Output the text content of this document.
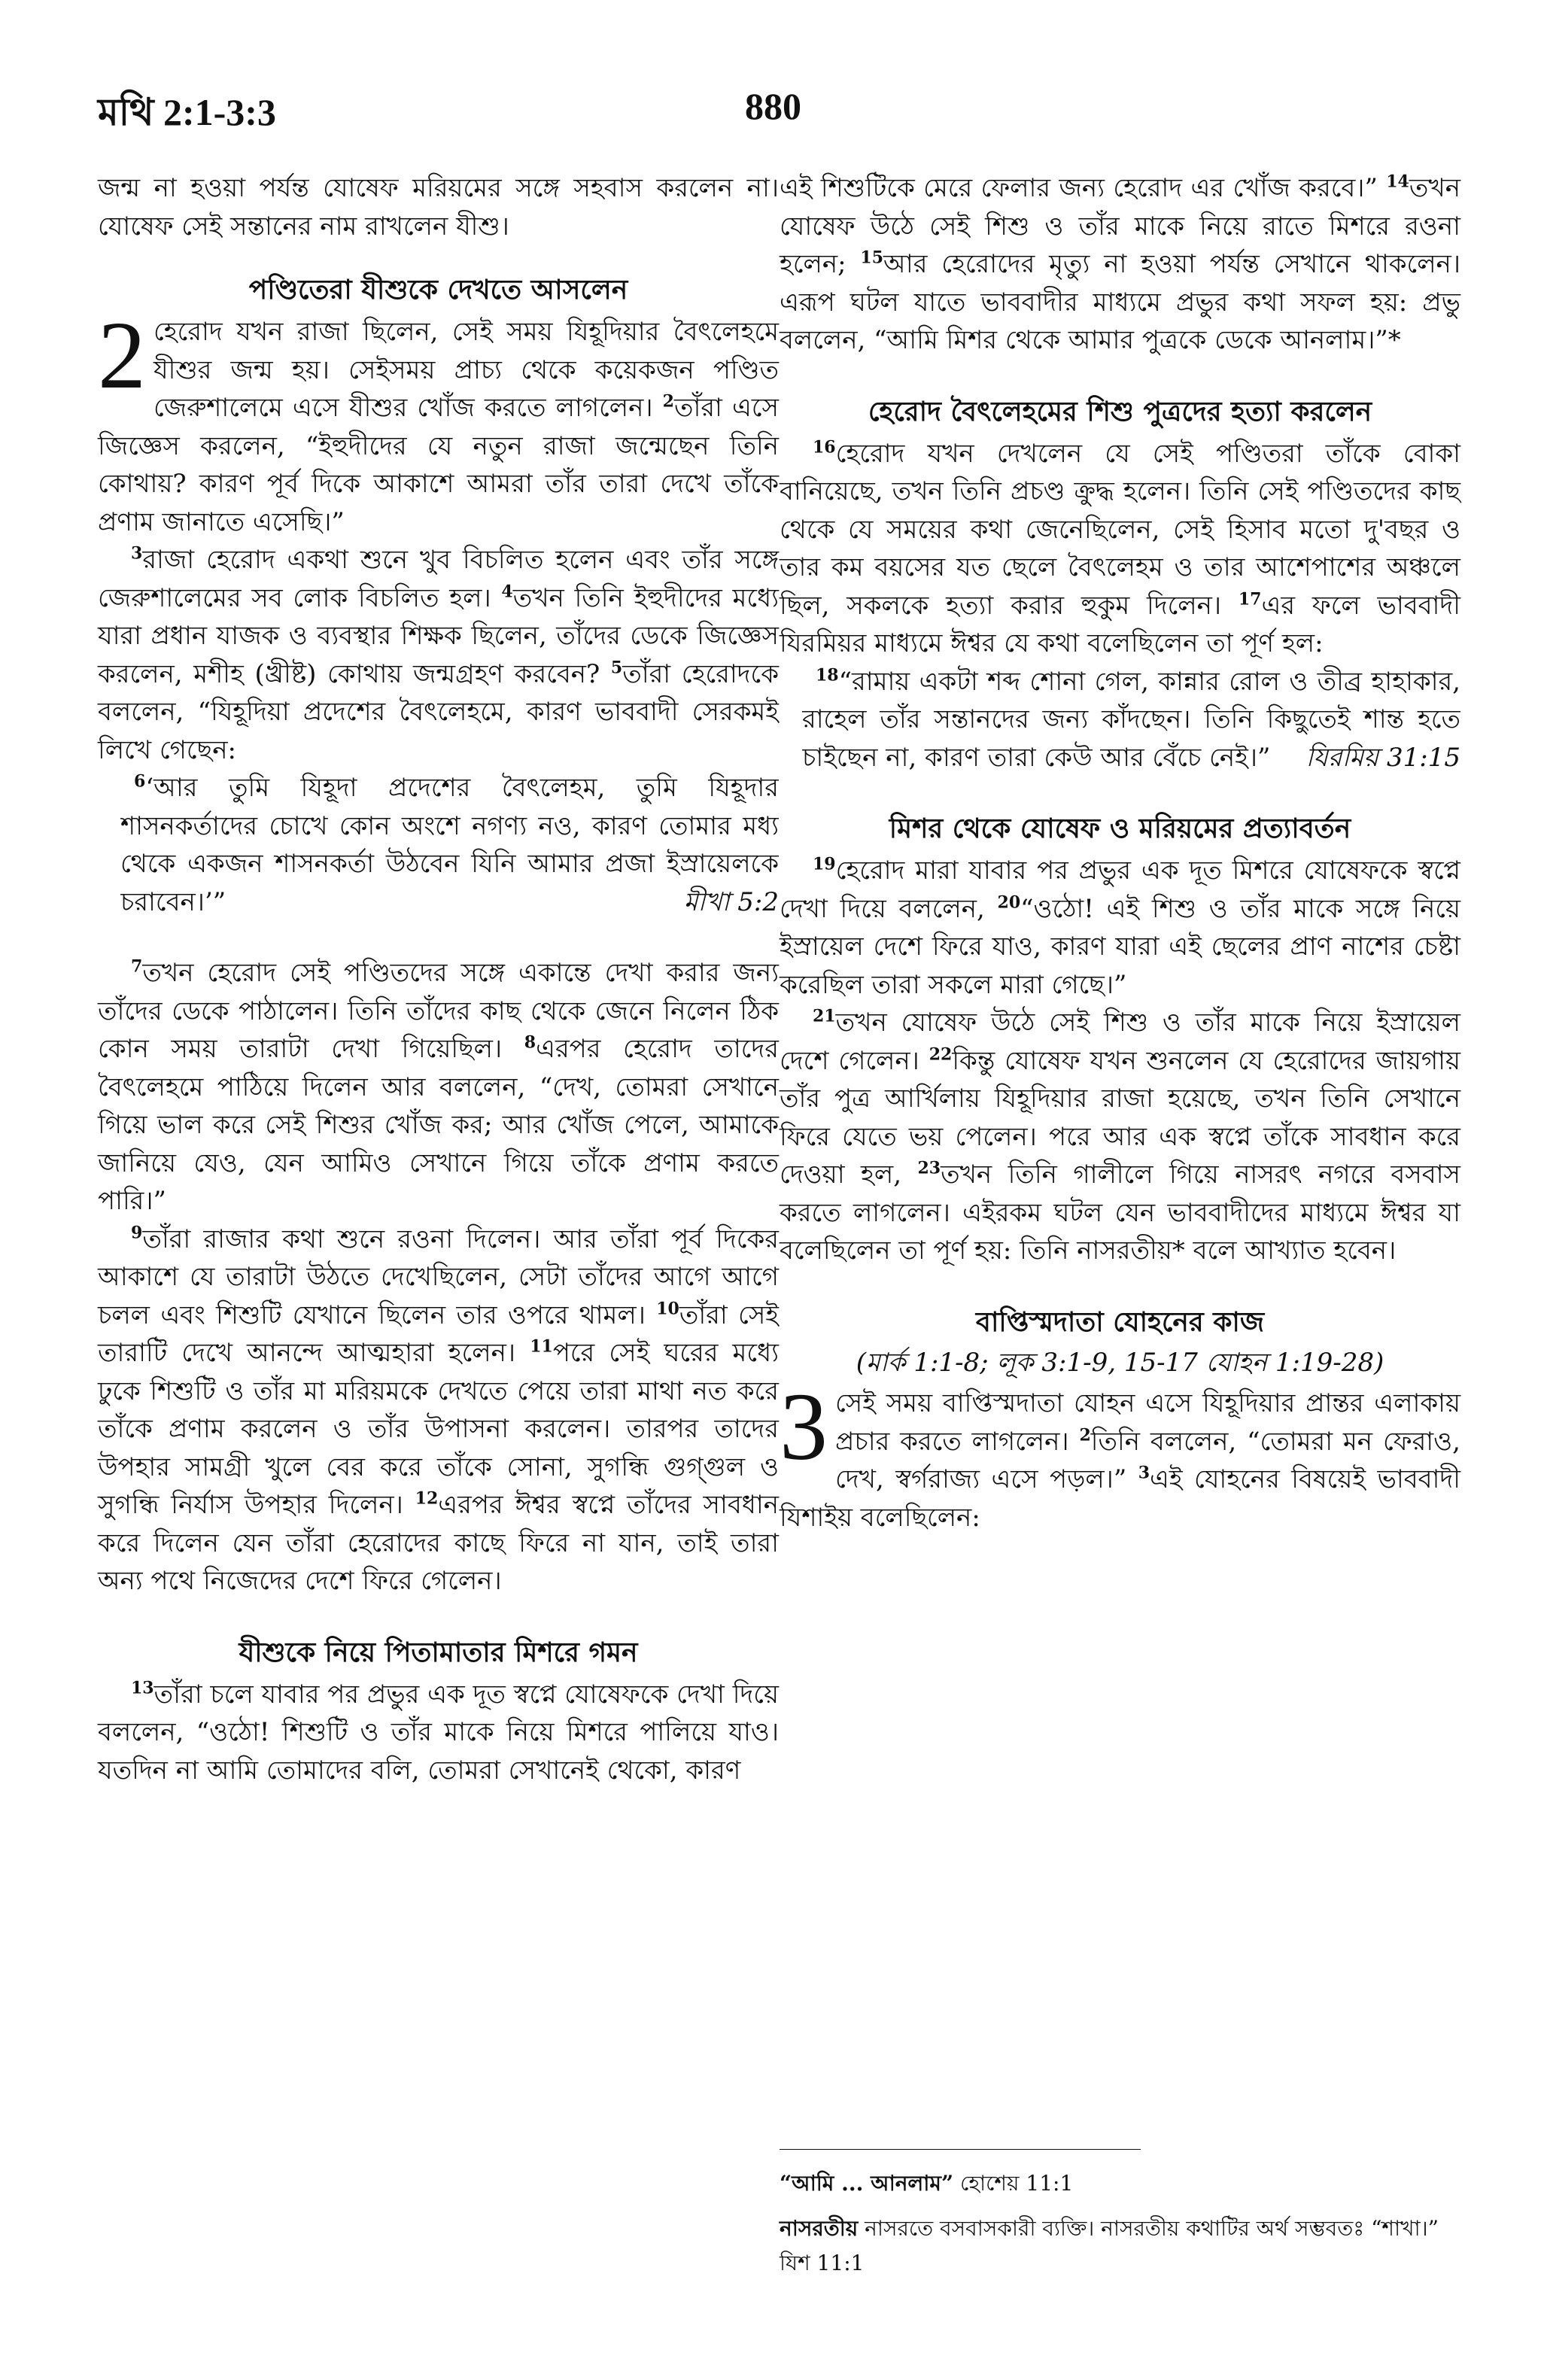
মথি 2:1-3:3	880

জন্ম না হওয়া পর্যন্ত যোষেফ মরিয়মের সঙ্গে সহবাস করলেন না। যোষেফ সেই সন্তানের নাম রাখলেন যীশু।

পণ্ডিতেরা যীশুকে দেখতে আসলেন

2 হেরোদ যখন রাজা ছিলেন, সেই সময় যিহূদিয়ার বৈৎলেহমে যীশুর জন্ম হয়। সেইসময় প্রাচ্য থেকে কয়েকজন পণ্ডিত জেরুশালেমে এসে যীশুর খোঁজ করতে লাগলেন। $^2$তাঁরা এসে জিজ্ঞেস করলেন, “ইহুদীদের যে নতুন রাজা জন্মেছেন তিনি কোথায়? কারণ পূর্ব দিকে আকাশে আমরা তাঁর তারা দেখে তাঁকে প্রণাম জানাতে এসেছি।”

$^3$রাজা হেরোদ একথা শুনে খুব বিচলিত হলেন এবং তাঁর সঙ্গে জেরুশালেমের সব লোক বিচলিত হল। $^4$তখন তিনি ইহুদীদের মধ্যে যারা প্রধান যাজক ও ব্যবস্থার শিক্ষক ছিলেন, তাঁদের ডেকে জিজ্ঞেস করলেন, মশীহ (খ্রীষ্ট) কোথায় জন্মগ্রহণ করবেন? $^5$তাঁরা হেরোদকে বললেন, “যিহূদিয়া প্রদেশের বৈৎলেহমে, কারণ ভাববাদী সেরকমই লিখে গেছেন:

$^6$‘আর তুমি যিহূদা প্রদেশের বৈৎলেহম, তুমি যিহূদার শাসনকর্তাদের চোখে কোন অংশে নগণ্য নও, কারণ তোমার মধ্য থেকে একজন শাসনকর্তা উঠবেন যিনি আমার প্রজা ইস্রায়েলকে চরাবেন।’”	মীখা 5:2

$^7$তখন হেরোদ সেই পণ্ডিতদের সঙ্গে একান্তে দেখা করার জন্য তাঁদের ডেকে পাঠালেন। তিনি তাঁদের কাছ থেকে জেনে নিলেন ঠিক কোন সময় তারাটা দেখা গিয়েছিল। $^8$এরপর হেরোদ তাদের বৈৎলেহমে পাঠিয়ে দিলেন আর বললেন, “দেখ, তোমরা সেখানে গিয়ে ভাল করে সেই শিশুর খোঁজ কর; আর খোঁজ পেলে, আমাকে জানিয়ে যেও, যেন আমিও সেখানে গিয়ে তাঁকে প্রণাম করতে পারি।”

$^9$তাঁরা রাজার কথা শুনে রওনা দিলেন। আর তাঁরা পূর্ব দিকের আকাশে যে তারাটা উঠতে দেখেছিলেন, সেটা তাঁদের আগে আগে চলল এবং শিশুটি যেখানে ছিলেন তার ওপরে থামল। $^{10}$তাঁরা সেই তারাটি দেখে আনন্দে আত্মহারা হলেন। $^{11}$পরে সেই ঘরের মধ্যে ঢুকে শিশুটি ও তাঁর মা মরিয়মকে দেখতে পেয়ে তারা মাথা নত করে তাঁকে প্রণাম করলেন ও তাঁর উপাসনা করলেন। তারপর তাদের উপহার সামগ্রী খুলে বের করে তাঁকে সোনা, সুগন্ধি গুগ্‌গুল ও সুগন্ধি নির্যাস উপহার দিলেন। $^{12}$এরপর ঈশ্বর স্বপ্নে তাঁদের সাবধান করে দিলেন যেন তাঁরা হেরোদের কাছে ফিরে না যান, তাই তারা অন্য পথে নিজেদের দেশে ফিরে গেলেন।

যীশুকে নিয়ে পিতামাতার মিশরে গমন

$^{13}$তাঁরা চলে যাবার পর প্রভুর এক দূত স্বপ্নে যোষেফকে দেখা দিয়ে বললেন, “ওঠো! শিশুটি ও তাঁর মাকে নিয়ে মিশরে পালিয়ে যাও। যতদিন না আমি তোমাদের বলি, তোমরা সেখানেই থেকো, কারণ

এই শিশুটিকে মেরে ফেলার জন্য হেরোদ এর খোঁজ করবে।” $^{14}$তখন যোষেফ উঠে সেই শিশু ও তাঁর মাকে নিয়ে রাতে মিশরে রওনা হলেন; $^{15}$আর হেরোদের মৃত্যু না হওয়া পর্যন্ত সেখানে থাকলেন। এরূপ ঘটল যাতে ভাববাদীর মাধ্যমে প্রভুর কথা সফল হয়: প্রভু বললেন, “আমি মিশর থেকে আমার পুত্রকে ডেকে আনলাম।”*

হেরোদ বৈৎলেহমের শিশু পুত্রদের হত্যা করলেন

$^{16}$হেরোদ যখন দেখলেন যে সেই পণ্ডিতরা তাঁকে বোকা বানিয়েছে, তখন তিনি প্রচণ্ড ক্রুদ্ধ হলেন। তিনি সেই পণ্ডিতদের কাছ থেকে যে সময়ের কথা জেনেছিলেন, সেই হিসাব মতো দু'বছর ও তার কম বয়সের যত ছেলে বৈৎলেহম ও তার আশেপাশের অঞ্চলে ছিল, সকলকে হত্যা করার হুকুম দিলেন। $^{17}$এর ফলে ভাববাদী যিরমিয়র মাধ্যমে ঈশ্বর যে কথা বলেছিলেন তা পূর্ণ হল:

$^{18}$“রামায় একটা শব্দ শোনা গেল, কান্নার রোল ও তীব্র হাহাকার, রাহেল তাঁর সন্তানদের জন্য কাঁদছেন। তিনি কিছুতেই শান্ত হতে চাইছেন না, কারণ তারা কেউ আর বেঁচে নেই।”	যিরমিয় 31:15

মিশর থেকে যোষেফ ও মরিয়মের প্রত্যাবর্তন

$^{19}$হেরোদ মারা যাবার পর প্রভুর এক দূত মিশরে যোষেফকে স্বপ্নে দেখা দিয়ে বললেন, $^{20}$“ওঠো! এই শিশু ও তাঁর মাকে সঙ্গে নিয়ে ইস্রায়েল দেশে ফিরে যাও, কারণ যারা এই ছেলের প্রাণ নাশের চেষ্টা করেছিল তারা সকলে মারা গেছে।”

$^{21}$তখন যোষেফ উঠে সেই শিশু ও তাঁর মাকে নিয়ে ইস্রায়েল দেশে গেলেন। $^{22}$কিন্তু যোষেফ যখন শুনলেন যে হেরোদের জায়গায় তাঁর পুত্র আর্খিলায় যিহূদিয়ার রাজা হয়েছে, তখন তিনি সেখানে ফিরে যেতে ভয় পেলেন। পরে আর এক স্বপ্নে তাঁকে সাবধান করে দেওয়া হল, $^{23}$তখন তিনি গালীলে গিয়ে নাসরৎ নগরে বসবাস করতে লাগলেন। এইরকম ঘটল যেন ভাববাদীদের মাধ্যমে ঈশ্বর যা বলেছিলেন তা পূর্ণ হয়: তিনি নাসরতীয়* বলে আখ্যাত হবেন।

বাপ্তিস্মদাতা যোহনের কাজ
(মার্ক 1:1-8; লূক 3:1-9, 15-17 যোহন 1:19-28)

3 সেই সময় বাপ্তিস্মদাতা যোহন এসে যিহূদিয়ার প্রান্তর এলাকায় প্রচার করতে লাগলেন। $^2$তিনি বললেন, “তোমরা মন ফেরাও, দেখ, স্বর্গরাজ্য এসে পড়ল।” $^3$এই যোহনের বিষয়েই ভাববাদী যিশাইয় বলেছিলেন:

“আমি ... আনলাম” হোশেয় 11:1

নাসরতীয় নাসরতে বসবাসকারী ব্যক্তি। নাসরতীয় কথাটির অর্থ সম্ভবতঃ “শাখা।” যিশ 11:1
